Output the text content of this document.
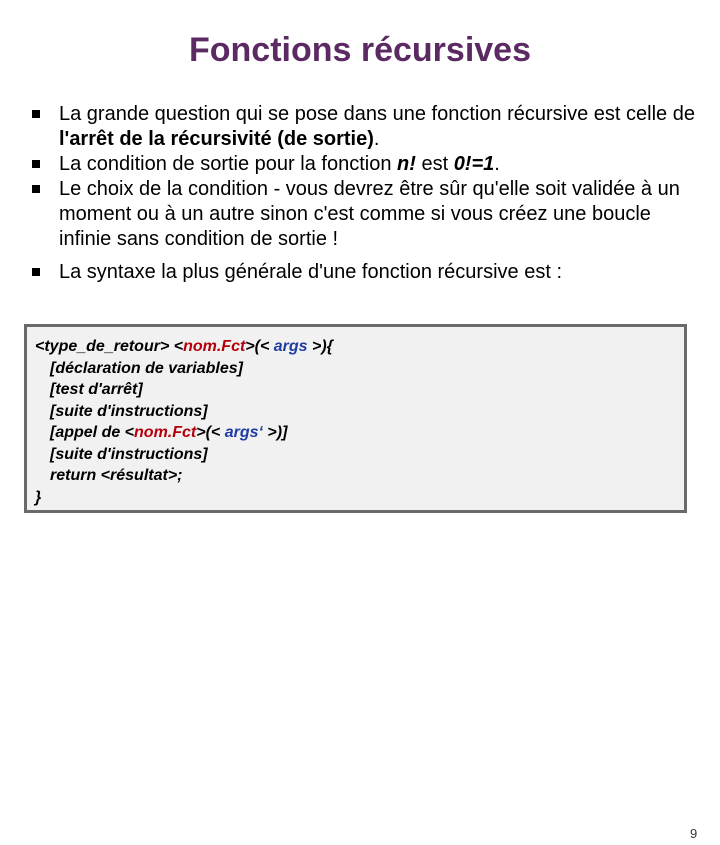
Fonctions récursives
La grande question qui se pose dans une fonction récursive est celle de l'arrêt de la récursivité (de sortie).
La condition de sortie pour la fonction n! est 0!=1.
Le choix de la condition - vous devrez être sûr qu'elle soit validée à un moment ou à un autre sinon c'est comme si vous créez une boucle infinie sans condition de sortie !
La syntaxe la plus générale d'une fonction récursive est :
<type_de_retour> <nom.Fct>(< args >){
[déclaration de variables]
[test d'arrêt]
[suite d'instructions]
[appel de <nom.Fct>(< args‘ >)]
[suite d'instructions]
return <résultat>;
}
9
